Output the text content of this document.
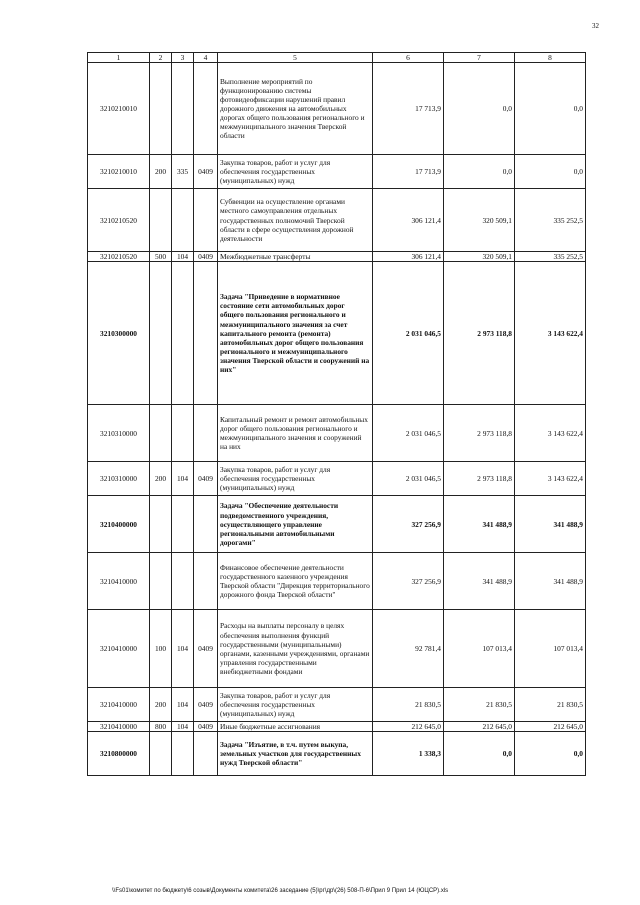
32
1	2	3	4	5	6	7	8
3210210010				Выполнение мероприятий по функционированию системы фотовидеофиксации нарушений правил дорожного движения на автомобильных дорогах общего пользования регионального и межмуниципального значения Тверской области	17 713,9	0,0	0,0
3210210010	200	335	0409	Закупка товаров, работ и услуг для обеспечения государственных (муниципальных) нужд	17 713,9	0,0	0,0
3210210520				Субвенции на осуществление органами местного самоуправления отдельных государственных полномочий Тверской области в сфере осуществления дорожной деятельности	306 121,4	320 509,1	335 252,5
3210210520	500	104	0409	Межбюджетные трансферты	306 121,4	320 509,1	335 252,5
3210300000				Задача "Приведение в нормативное состояние сети автомобильных дорог общего пользования регионального и межмуниципального значения за счет капитального ремонта (ремонта) автомобильных дорог общего пользования регионального и межмуниципального значения Тверской области и сооружений на них"	2 031 046,5	2 973 118,8	3 143 622,4
3210310000				Капитальный ремонт и ремонт автомобильных дорог общего пользования регионального и межмуниципального значения и сооружений на них	2 031 046,5	2 973 118,8	3 143 622,4
3210310000	200	104	0409	Закупка товаров, работ и услуг для обеспечения государственных (муниципальных) нужд	2 031 046,5	2 973 118,8	3 143 622,4
3210400000				Задача "Обеспечение деятельности подведомственного учреждения, осуществляющего управление региональными автомобильными дорогами"	327 256,9	341 488,9	341 488,9
3210410000				Финансовое обеспечение деятельности государственного казенного учреждения Тверской области "Дирекция территориального дорожного фонда Тверской области"	327 256,9	341 488,9	341 488,9
3210410000	100	104	0409	Расходы на выплаты персоналу в целях обеспечения выполнения функций государственными (муниципальными) органами, казенными учреждениями, органами управления государственными внебюджетными фондами	92 781,4	107 013,4	107 013,4
3210410000	200	104	0409	Закупка товаров, работ и услуг для обеспечения государственных (муниципальных) нужд	21 830,5	21 830,5	21 830,5
3210410000	800	104	0409	Иные бюджетные ассигнования	212 645,0	212 645,0	212 645,0
3210800000				Задача "Изъятие, в т.ч. путем выкупа, земельных участков для государственных нужд Тверской области"	1 338,3	0,0	0,0
\\Fs01\комитет по бюджету\6 созыв\Документы комитета\26 заседание (5)\рг\др\(26) 508-П-6\Прил 9 Прил 14 (ЮЦСР).xls
